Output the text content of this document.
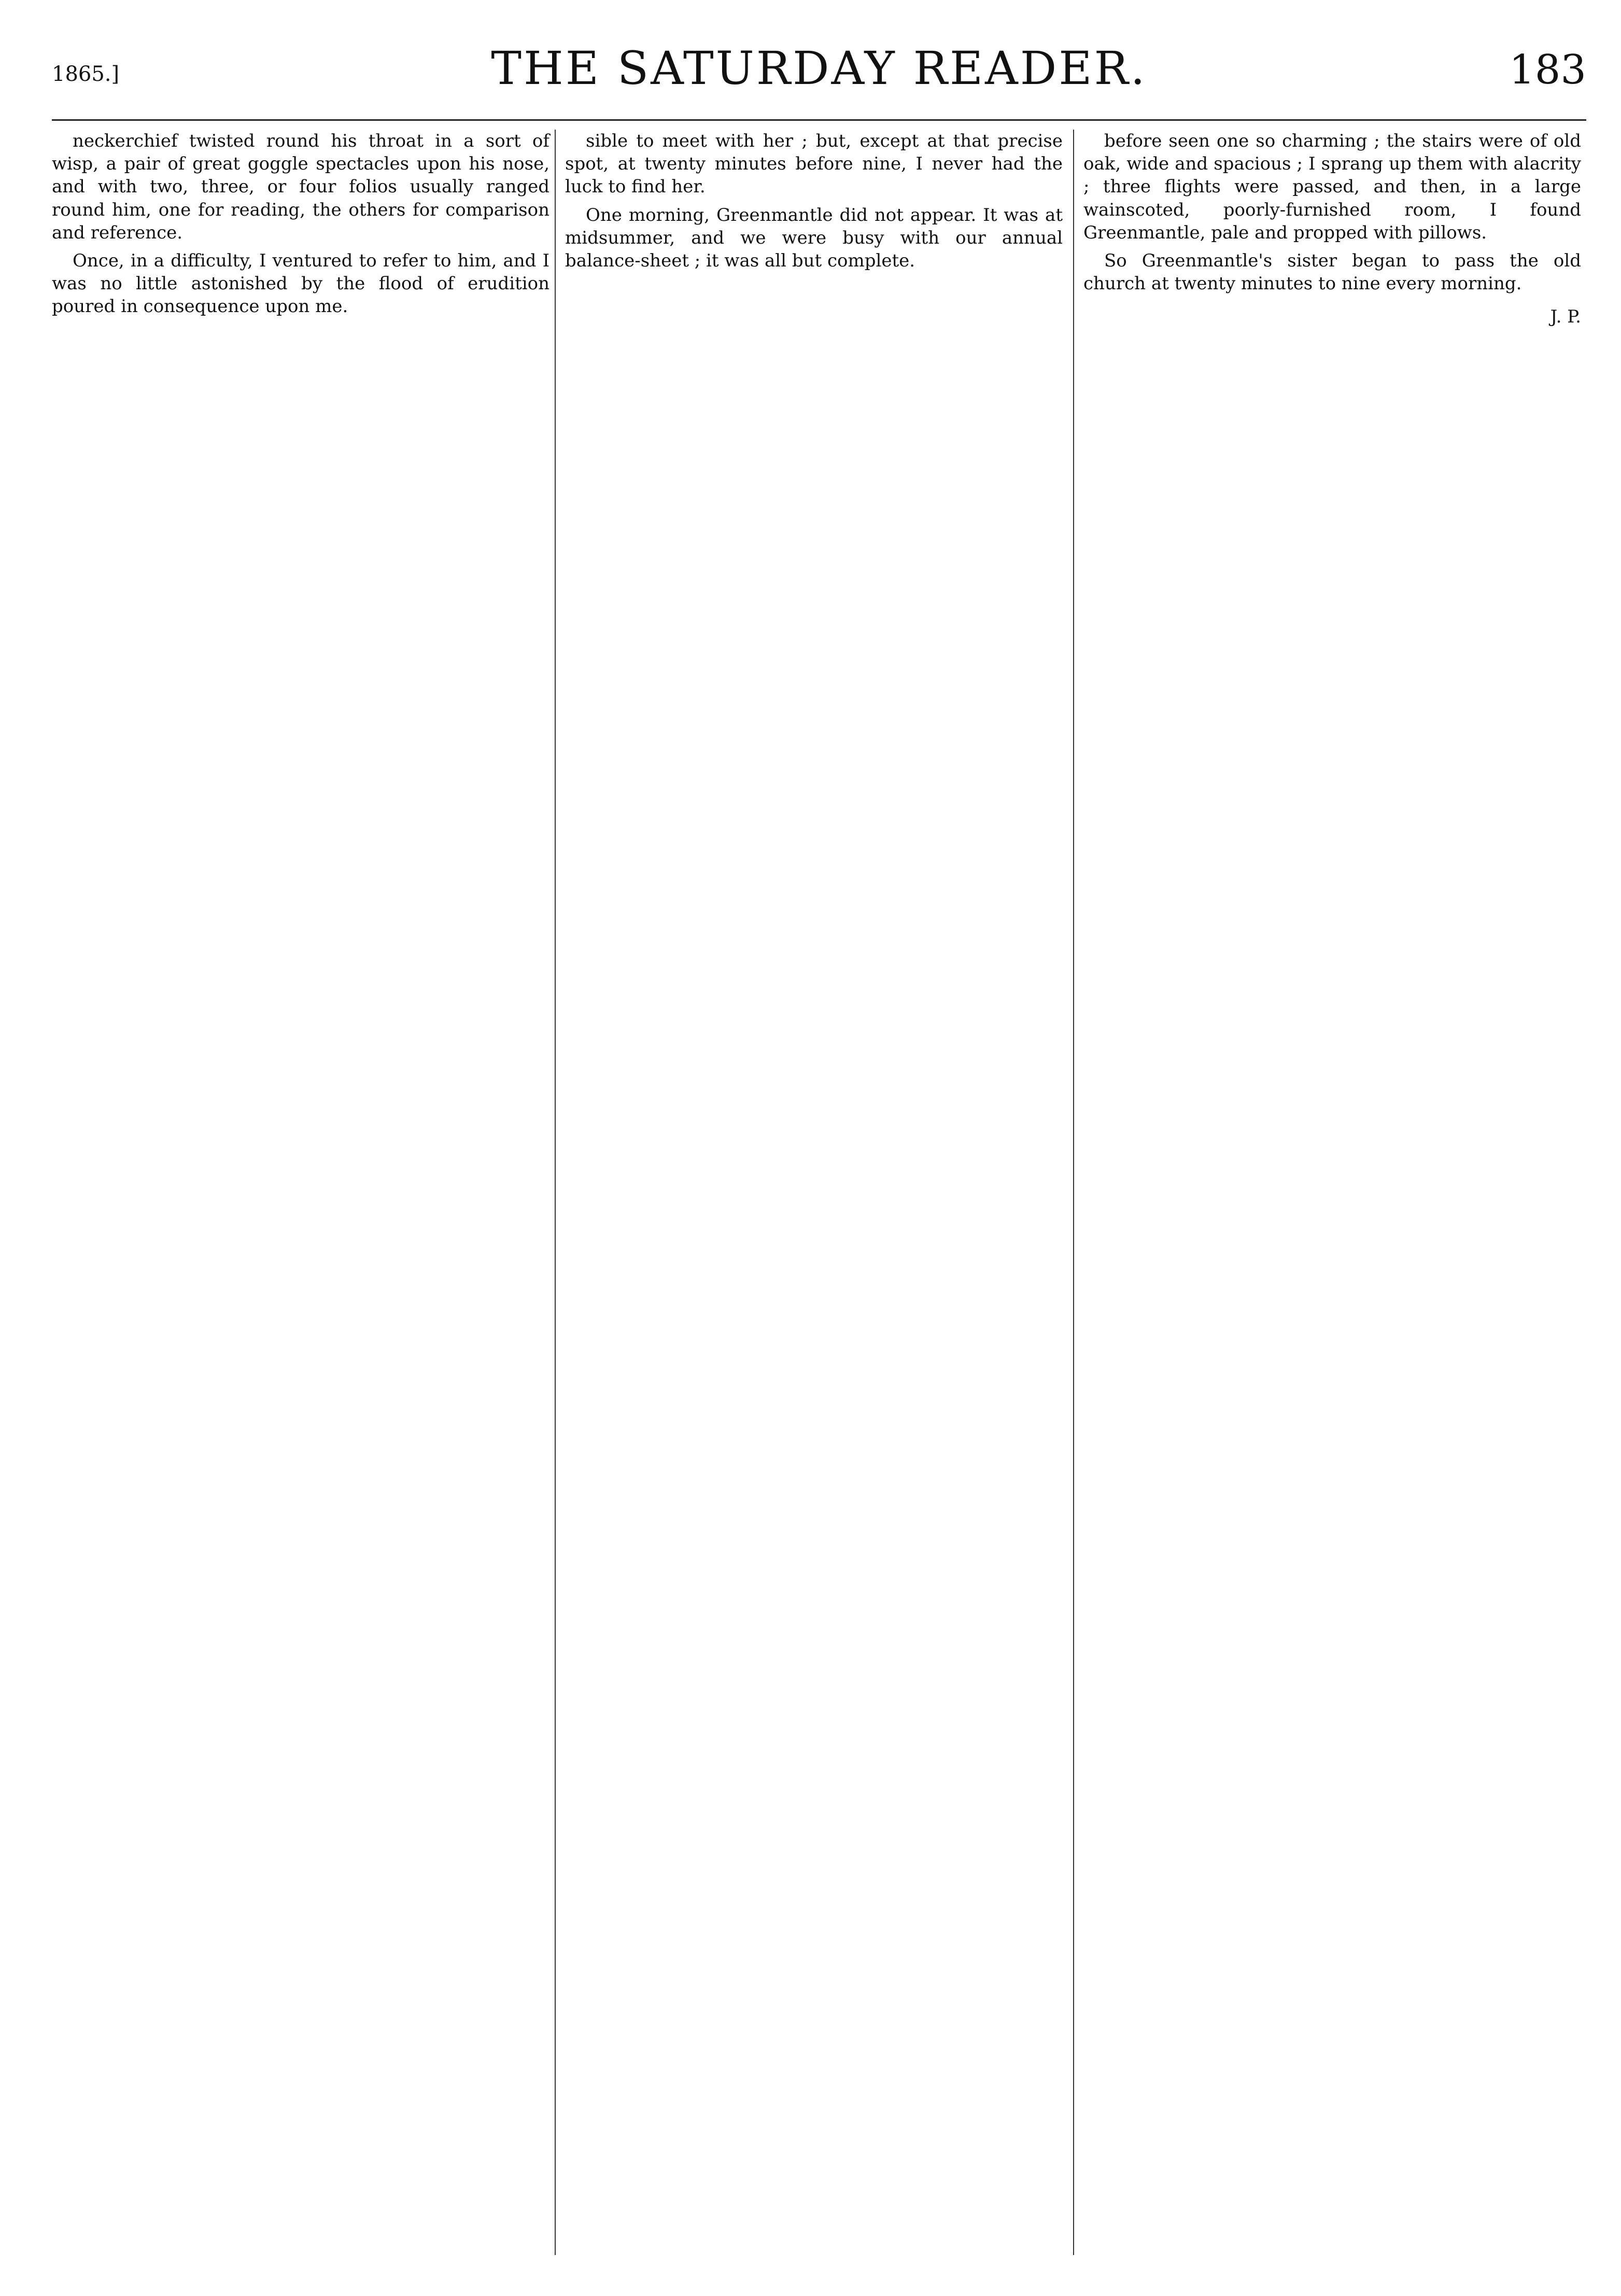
1865.]	THE SATURDAY READER.	183

neckerchief twisted round his throat in a sort of wisp, a pair of great goggle spectacles upon his nose, and with two, three, or four folios usually ranged round him, one for reading, the others for comparison and reference.

Once, in a difficulty, I ventured to refer to him, and I was no little astonished by the flood of erudition poured in consequence upon me.

sible to meet with her ; but, except at that precise spot, at twenty minutes before nine, I never had the luck to find her.

One morning, Greenmantle did not appear. It was at midsummer, and we were busy with our annual balance-sheet ; it was all but complete.

before seen one so charming ; the stairs were of old oak, wide and spacious ; I sprang up them with alacrity ; three flights were passed, and then, in a large wainscoted, poorly-furnished room, I found Greenmantle, pale and propped with pillows.

So Greenmantle's sister began to pass the old church at twenty minutes to nine every morning.

J. P.
